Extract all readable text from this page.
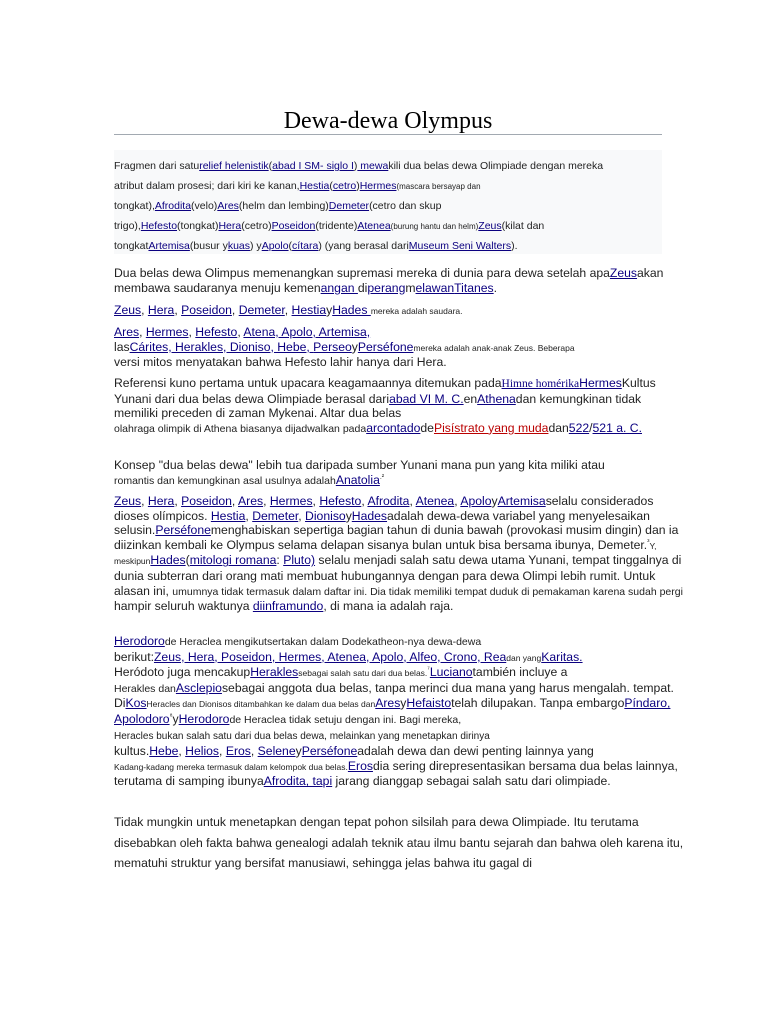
Dewa-dewa Olympus
Fragmen dari saturelief helenistik(abad I SM- siglo I) mewakili dua belas dewa Olimpiade dengan mereka
atribut dalam prosesi; dari kiri ke kanan,Hestia(cetro)Hermes(mascara bersayap dan
tongkat),Afrodita(velo)Ares(helm dan lembing)Demeter(cetro dan skup
trigo),Hefesto(tongkat)Hera(cetro)Poseidon(tridente)Atenea(burung hantu dan helm)Zeus(kilat dan
tongkatArtemisa(busur ykuas) yApolo(cítara) (yang berasal dariMuseum Seni Walters).
Dua belas dewa Olimpus memenangkan supremasi mereka di dunia para dewa setelah apaZeusakan membawa saudaranya menuju kemenangan diperangmelawanTitanes.
Zeus, Hera, Poseidon, Demeter, HestiayHades mereka adalah saudara.
Ares, Hermes, Hefesto, Atena, Apolo, Artemisa,
lasCárites, Herakles, Dioniso, Hebe, PerseoyPerséfonemereka adalah anak-anak Zeus. Beberapa
versi mitos menyatakan bahwa Hefesto lahir hanya dari Hera.
Referensi kuno pertama untuk upacara keagamaannya ditemukan padaHimne homérikaHermesKultus Yunani dari dua belas dewa Olimpiade berasal dariabad VI M. C.enAthenadan kemungkinan tidak memiliki preceden di zaman Mykenai. Altar dua belas
olahraga olimpik di Athena biasanya dijadwalkan padaarcontadodePisístrato yang mudadan522/521 a. C.
Konsep "dua belas dewa" lebih tua daripada sumber Yunani mana pun yang kita miliki atau
romantis dan kemungkinan asal usulnya adalahAnatolia$^{.^2}$
Zeus, Hera, Poseidon, Ares, Hermes, Hefesto, Afrodita, Atenea, ApoloyArtemisaselalu considerados dioses olímpicos. Hestia, Demeter, DionisoyHadesadalah dewa-dewa variabel yang menyelesaikan selusin.Perséfonemenghabiskan sepertiga bagian tahun di dunia bawah (provokasi musim dingin) dan ia diizinkan kembali ke Olympus selama delapan sisanya bulan untuk bisa bersama ibunya, Demeter.$^{^3}$Y, meskipunHades(mitologi romana: Pluto) selalu menjadi salah satu dewa utama Yunani, tempat tinggalnya di dunia subterran dari orang mati membuat hubungannya dengan para dewa Olimpi lebih rumit. Untuk alasan ini, umumnya tidak termasuk dalam daftar ini. Dia tidak memiliki tempat duduk di pemakaman karena sudah pergi hampir seluruh waktunya diinframundo, di mana ia adalah raja.
Herodorode Heraclea mengikutsertakan dalam Dodekatheon-nya dewa-dewa
berikut:Zeus, Hera, Poseidon, Hermes, Atenea, Apolo, Alfeo, Crono, Readan yangKaritas.
Heródoto juga mencakupHeraklessebagai salah satu dari dua belas.$^{^7}$Lucianotambién incluye a
Herakles danAsclepiosebagai anggota dua belas, tanpa merinci dua mana yang harus mengalah. tempat. DiKosHeracles dan Dionisos ditambahkan ke dalam dua belas danAresyHefaistotelah dilupakan. Tanpa embargoPíndaro, Apolodoro$^{^8}$yHerodorode Heraclea tidak setuju dengan ini. Bagi mereka,
Heracles bukan salah satu dari dua belas dewa, melainkan yang menetapkan dirinya
kultus.Hebe, Helios, Eros, SeleneyPerséfoneadalah dewa dan dewi penting lainnya yang
Kadang-kadang mereka termasuk dalam kelompok dua belas.Erosdia sering direpresentasikan bersama dua belas lainnya, terutama di samping ibunyaAfrodita, tapi jarang dianggap sebagai salah satu dari olimpiade.
Tidak mungkin untuk menetapkan dengan tepat pohon silsilah para dewa Olimpiade. Itu terutama disebabkan oleh fakta bahwa genealogi adalah teknik atau ilmu bantu sejarah dan bahwa oleh karena itu, mematuhi struktur yang bersifat manusiawi, sehingga jelas bahwa itu gagal di
